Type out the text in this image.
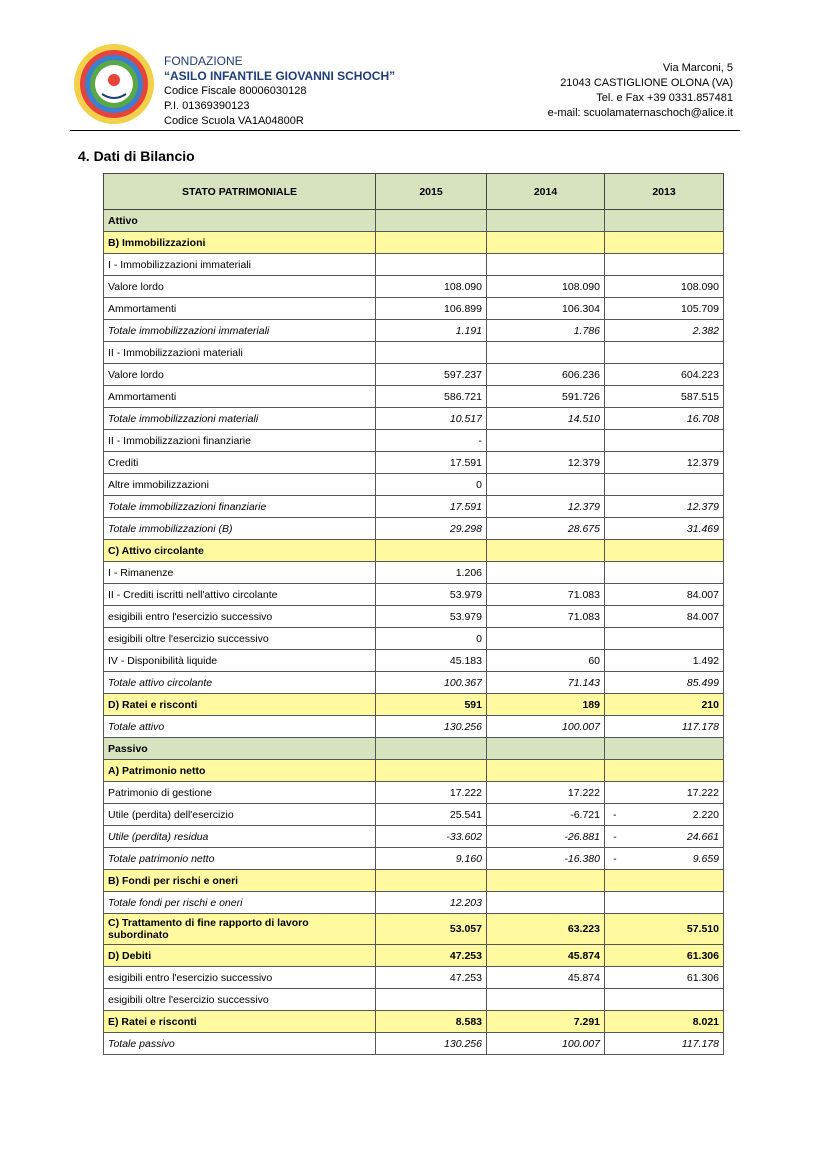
FONDAZIONE
“ASILO INFANTILE GIOVANNI SCHOCH”
Codice Fiscale 80006030128
P.I. 01369390123
Codice Scuola VA1A04800R
Via Marconi, 5
21043 CASTIGLIONE OLONA (VA)
Tel. e Fax +39 0331.857481
e-mail: scuolamaternaschoch@alice.it
4. Dati di Bilancio
STATO PATRIMONIALE	2015	2014	2013
Attivo			
B) Immobilizzazioni			
I - Immobilizzazioni immateriali			
Valore lordo	108.090	108.090	108.090
Ammortamenti	106.899	106.304	105.709
Totale immobilizzazioni immateriali	1.191	1.786	2.382
II - Immobilizzazioni materiali			
Valore lordo	597.237	606.236	604.223
Ammortamenti	586.721	591.726	587.515
Totale immobilizzazioni materiali	10.517	14.510	16.708
II - Immobilizzazioni finanziarie	-		
Crediti	17.591	12.379	12.379
Altre immobilizzazioni	0		
Totale immobilizzazioni finanziarie	17.591	12.379	12.379
Totale immobilizzazioni (B)	29.298	28.675	31.469
C) Attivo circolante			
I - Rimanenze	1.206		
II - Crediti iscritti nell'attivo circolante	53.979	71.083	84.007
esigibili entro l'esercizio successivo	53.979	71.083	84.007
esigibili oltre l'esercizio successivo	0		
IV - Disponibilità liquide	45.183	60	1.492
Totale attivo circolante	100.367	71.143	85.499
D) Ratei e risconti	591	189	210
Totale attivo	130.256	100.007	117.178
Passivo			
A) Patrimonio netto			
Patrimonio di gestione	17.222	17.222	17.222
Utile (perdita) dell'esercizio	25.541	-6.721	- 2.220
Utile (perdita) residua	-33.602	-26.881	- 24.661
Totale patrimonio netto	9.160	-16.380	- 9.659
B) Fondi per rischi e oneri			
Totale fondi per rischi e oneri	12.203		
C) Trattamento di fine rapporto di lavoro subordinato	53.057	63.223	57.510
D) Debiti	47.253	45.874	61.306
esigibili entro l'esercizio successivo	47.253	45.874	61.306
esigibili oltre l'esercizio successivo			
E) Ratei e risconti	8.583	7.291	8.021
Totale passivo	130.256	100.007	117.178
